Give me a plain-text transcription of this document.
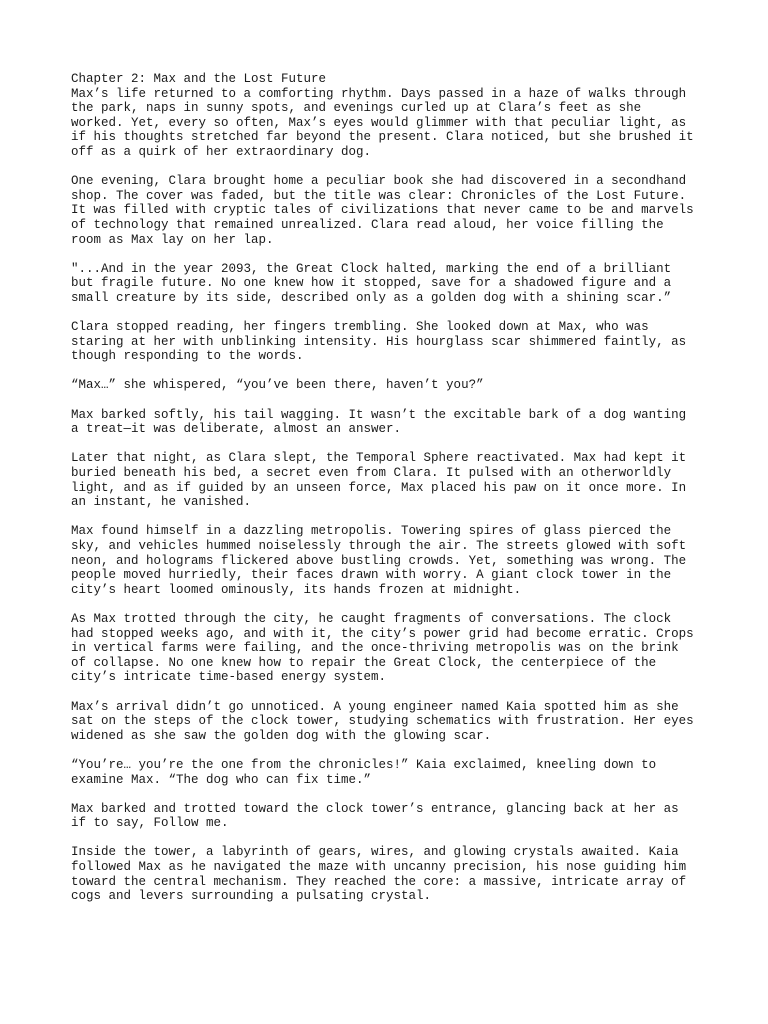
Chapter 2: Max and the Lost Future
Max’s life returned to a comforting rhythm. Days passed in a haze of walks through
the park, naps in sunny spots, and evenings curled up at Clara’s feet as she
worked. Yet, every so often, Max’s eyes would glimmer with that peculiar light, as
if his thoughts stretched far beyond the present. Clara noticed, but she brushed it
off as a quirk of her extraordinary dog.
One evening, Clara brought home a peculiar book she had discovered in a secondhand
shop. The cover was faded, but the title was clear: Chronicles of the Lost Future.
It was filled with cryptic tales of civilizations that never came to be and marvels
of technology that remained unrealized. Clara read aloud, her voice filling the
room as Max lay on her lap.
"...And in the year 2093, the Great Clock halted, marking the end of a brilliant
but fragile future. No one knew how it stopped, save for a shadowed figure and a
small creature by its side, described only as a golden dog with a shining scar.”
Clara stopped reading, her fingers trembling. She looked down at Max, who was
staring at her with unblinking intensity. His hourglass scar shimmered faintly, as
though responding to the words.
“Max…” she whispered, “you’ve been there, haven’t you?”
Max barked softly, his tail wagging. It wasn’t the excitable bark of a dog wanting
a treat—it was deliberate, almost an answer.
Later that night, as Clara slept, the Temporal Sphere reactivated. Max had kept it
buried beneath his bed, a secret even from Clara. It pulsed with an otherworldly
light, and as if guided by an unseen force, Max placed his paw on it once more. In
an instant, he vanished.
Max found himself in a dazzling metropolis. Towering spires of glass pierced the
sky, and vehicles hummed noiselessly through the air. The streets glowed with soft
neon, and holograms flickered above bustling crowds. Yet, something was wrong. The
people moved hurriedly, their faces drawn with worry. A giant clock tower in the
city’s heart loomed ominously, its hands frozen at midnight.
As Max trotted through the city, he caught fragments of conversations. The clock
had stopped weeks ago, and with it, the city’s power grid had become erratic. Crops
in vertical farms were failing, and the once-thriving metropolis was on the brink
of collapse. No one knew how to repair the Great Clock, the centerpiece of the
city’s intricate time-based energy system.
Max’s arrival didn’t go unnoticed. A young engineer named Kaia spotted him as she
sat on the steps of the clock tower, studying schematics with frustration. Her eyes
widened as she saw the golden dog with the glowing scar.
“You’re… you’re the one from the chronicles!” Kaia exclaimed, kneeling down to
examine Max. “The dog who can fix time.”
Max barked and trotted toward the clock tower’s entrance, glancing back at her as
if to say, Follow me.
Inside the tower, a labyrinth of gears, wires, and glowing crystals awaited. Kaia
followed Max as he navigated the maze with uncanny precision, his nose guiding him
toward the central mechanism. They reached the core: a massive, intricate array of
cogs and levers surrounding a pulsating crystal.
